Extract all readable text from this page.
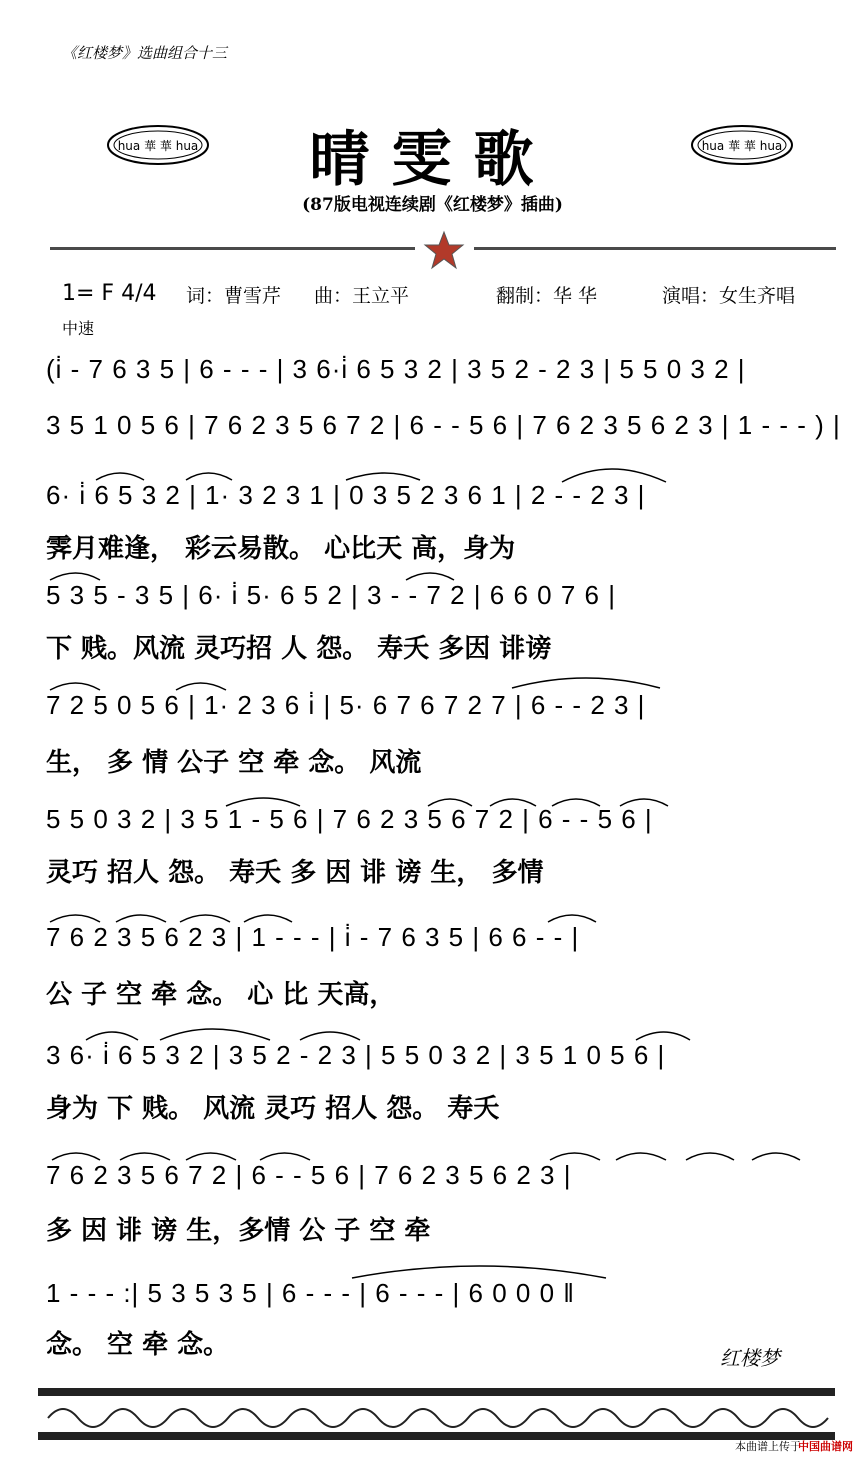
《红楼梦》选曲组合十三
hua 華 華 hua	hua 華 華 hua
晴雯歌
(87版电视连续剧《红楼梦》插曲)
1= F 4/4 词：曹雪芹 曲：王立平	翻制：华 华	演唱：女生齐唱
中速
(i̇ - 7 6 3 5 | 6 - - - | 3 6·i̇ 6 5 3 2 | 3 5 2 - 2 3 | 5 5 0 3 2 |
3 5 1 0 5 6 | 7 6 2 3 5 6 7 2 | 6 - - 5 6 | 7 6 2 3 5 6 2 3 | 1 - - - ) |
6· i̇ 6 5 3 2 | 1· 3 2 3 1 | 0 3 5 2 3 6 1 | 2 - - 2 3 |
霁月难逢， 彩云易散。 心比天 高，身为
5 3 5 - 3 5 | 6· i̇ 5· 6 5 2 | 3 - - 7 2 | 6 6 0 7 6 |
下 贱。风流 灵巧招 人 怨。 寿夭 多因 诽谤
7 2 5 0 5 6 | 1· 2 3 6 i̇ | 5· 6 7 6 7 2 7 | 6 - - 2 3 |
生， 多 情 公子 空 牵 念。 风流
5 5 0 3 2 | 3 5 1 - 5 6 | 7 6 2 3 5 6 7 2 | 6 - - 5 6 |
灵巧 招人 怨。 寿夭 多 因 诽 谤 生， 多情
7 6 2 3 5 6 2 3 | 1 - - - | i̇ - 7 6 3 5 | 6 6 - - |
公 子 空 牵 念。 心 比 天高，
3 6· i̇ 6 5 3 2 | 3 5 2 - 2 3 | 5 5 0 3 2 | 3 5 1 0 5 6 |
身为 下 贱。 风流 灵巧 招人 怨。 寿夭
7 6 2 3 5 6 7 2 | 6 - - 5 6 | 7 6 2 3 5 6 2 3 |
多 因 诽 谤 生，多情 公 子 空 牵
1 - - - :| 5 3 5 3 5 | 6 - - - | 6 - - - | 6 0 0 0 ‖
念。 空 牵 念。	红楼梦
本曲谱上传于
中国曲谱网
